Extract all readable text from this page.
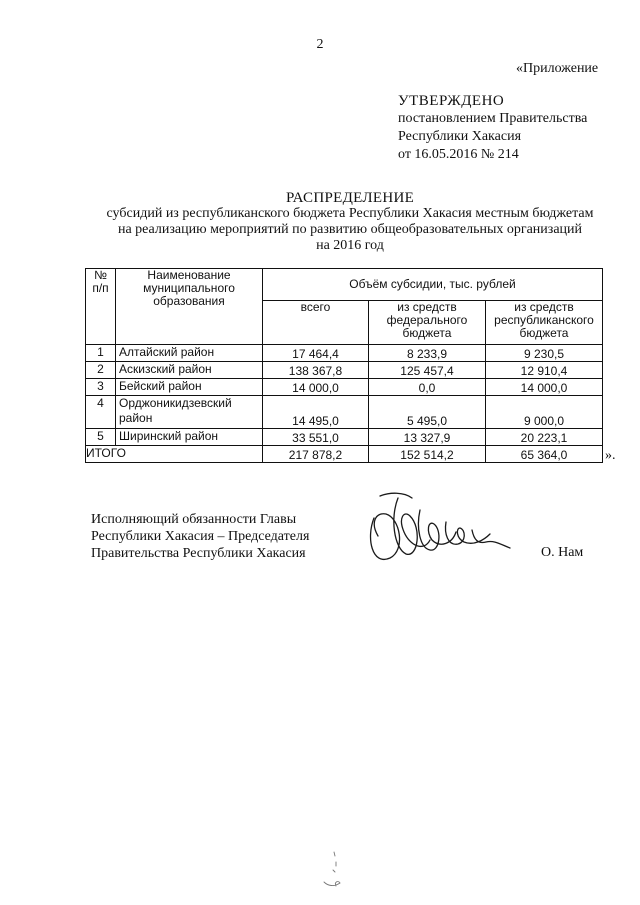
2
«Приложение
УТВЕРЖДЕНО
постановлением Правительства
Республики Хакасия
от 16.05.2016 № 214
РАСПРЕДЕЛЕНИЕ
субсидий из республиканского бюджета Республики Хакасия местным бюджетам
на реализацию мероприятий по развитию общеобразовательных организаций
на 2016 год
№ п/п	Наименование муниципального образования	Объём субсидии, тыс. рублей		
		всего	из средств федерального бюджета	из средств республиканского бюджета
1	Алтайский район	17 464,4	8 233,9	9 230,5
2	Аскизский район	138 367,8	125 457,4	12 910,4
3	Бейский район	14 000,0	0,0	14 000,0
4	Орджоникидзевский район	14 495,0	5 495,0	9 000,0
5	Ширинский район	33 551,0	13 327,9	20 223,1
ИТОГО		217 878,2	152 514,2	65 364,0	».
Исполняющий обязанности Главы
Республики Хакасия – Председателя
Правительства Республики Хакасия	О. Нам
